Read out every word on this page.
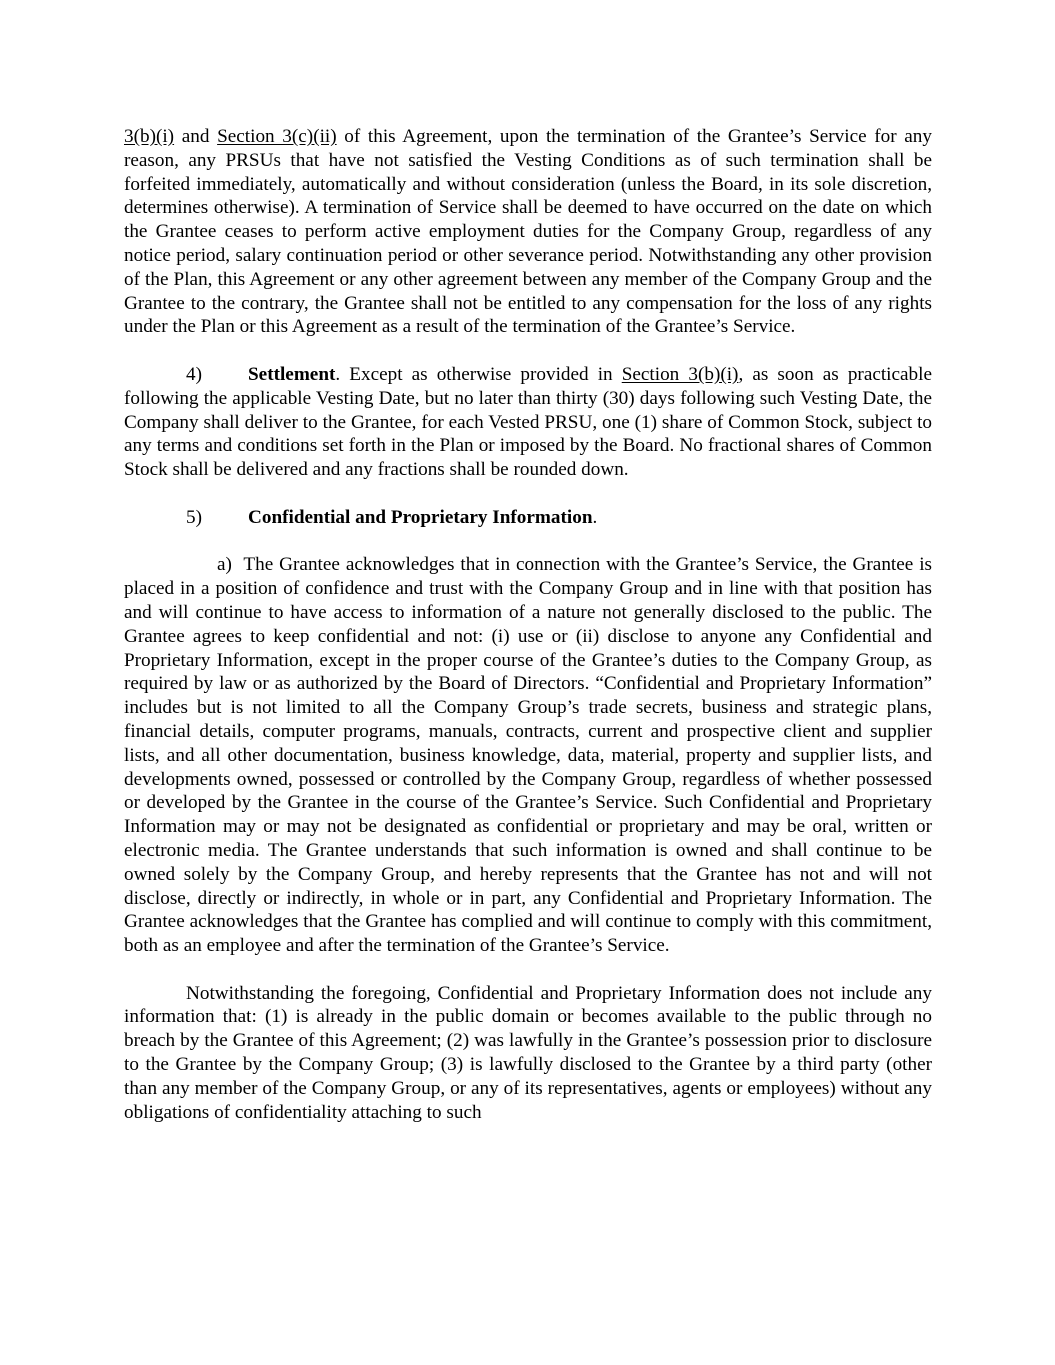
3(b)(i) and Section 3(c)(ii) of this Agreement, upon the termination of the Grantee’s Service for any reason, any PRSUs that have not satisfied the Vesting Conditions as of such termination shall be forfeited immediately, automatically and without consideration (unless the Board, in its sole discretion, determines otherwise). A termination of Service shall be deemed to have occurred on the date on which the Grantee ceases to perform active employment duties for the Company Group, regardless of any notice period, salary continuation period or other severance period. Notwithstanding any other provision of the Plan, this Agreement or any other agreement between any member of the Company Group and the Grantee to the contrary, the Grantee shall not be entitled to any compensation for the loss of any rights under the Plan or this Agreement as a result of the termination of the Grantee’s Service.

4) Settlement. Except as otherwise provided in Section 3(b)(i), as soon as practicable following the applicable Vesting Date, but no later than thirty (30) days following such Vesting Date, the Company shall deliver to the Grantee, for each Vested PRSU, one (1) share of Common Stock, subject to any terms and conditions set forth in the Plan or imposed by the Board. No fractional shares of Common Stock shall be delivered and any fractions shall be rounded down.

5) Confidential and Proprietary Information.

a) The Grantee acknowledges that in connection with the Grantee’s Service, the Grantee is placed in a position of confidence and trust with the Company Group and in line with that position has and will continue to have access to information of a nature not generally disclosed to the public. The Grantee agrees to keep confidential and not: (i) use or (ii) disclose to anyone any Confidential and Proprietary Information, except in the proper course of the Grantee’s duties to the Company Group, as required by law or as authorized by the Board of Directors. “Confidential and Proprietary Information” includes but is not limited to all the Company Group’s trade secrets, business and strategic plans, financial details, computer programs, manuals, contracts, current and prospective client and supplier lists, and all other documentation, business knowledge, data, material, property and supplier lists, and developments owned, possessed or controlled by the Company Group, regardless of whether possessed or developed by the Grantee in the course of the Grantee’s Service. Such Confidential and Proprietary Information may or may not be designated as confidential or proprietary and may be oral, written or electronic media. The Grantee understands that such information is owned and shall continue to be owned solely by the Company Group, and hereby represents that the Grantee has not and will not disclose, directly or indirectly, in whole or in part, any Confidential and Proprietary Information. The Grantee acknowledges that the Grantee has complied and will continue to comply with this commitment, both as an employee and after the termination of the Grantee’s Service.

Notwithstanding the foregoing, Confidential and Proprietary Information does not include any information that: (1) is already in the public domain or becomes available to the public through no breach by the Grantee of this Agreement; (2) was lawfully in the Grantee’s possession prior to disclosure to the Grantee by the Company Group; (3) is lawfully disclosed to the Grantee by a third party (other than any member of the Company Group, or any of its representatives, agents or employees) without any obligations of confidentiality attaching to such
